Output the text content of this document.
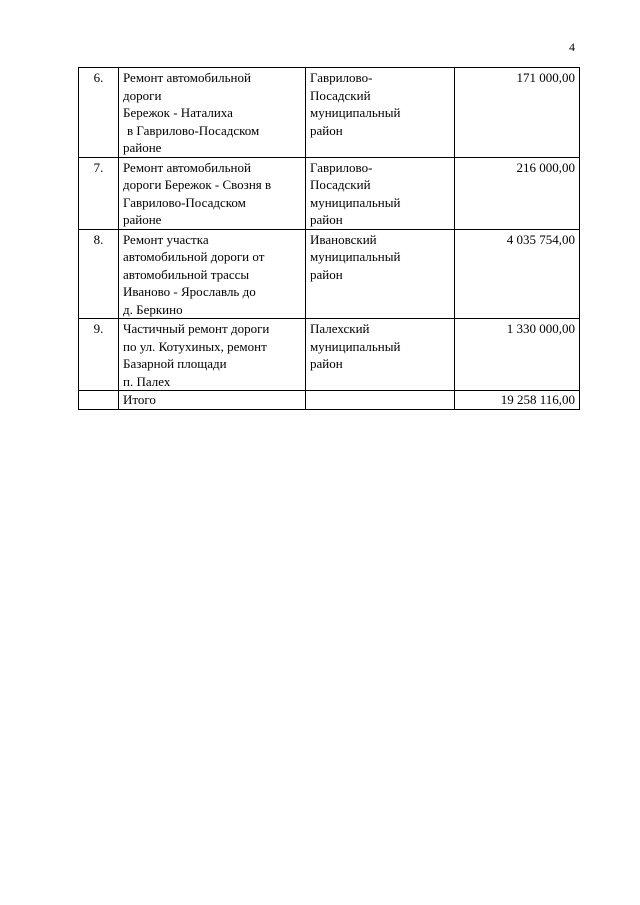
4
6.	Ремонт автомобильной
дороги
Бережок - Наталиха
в Гаврилово-Посадском
районе	Гаврилово-
Посадский
муниципальный
район	171 000,00
7.	Ремонт автомобильной
дороги Бережок - Свозня в
Гаврилово-Посадском
районе	Гаврилово-
Посадский
муниципальный
район	216 000,00
8.	Ремонт участка
автомобильной дороги от
автомобильной трассы
Иваново - Ярославль до
д. Беркино	Ивановский
муниципальный
район	4 035 754,00
9.	Частичный ремонт дороги
по ул. Котухиных, ремонт
Базарной площади
п. Палех	Палехский
муниципальный
район	1 330 000,00
	Итого		19 258 116,00
